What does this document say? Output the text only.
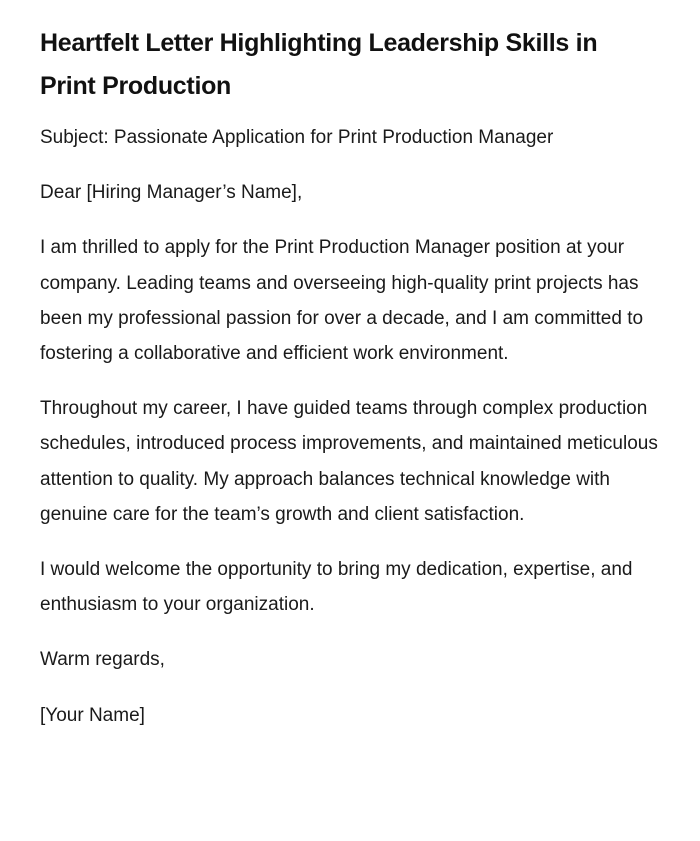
Heartfelt Letter Highlighting Leadership Skills in Print Production

Subject: Passionate Application for Print Production Manager

Dear [Hiring Manager’s Name],

I am thrilled to apply for the Print Production Manager position at your company. Leading teams and overseeing high-quality print projects has been my professional passion for over a decade, and I am committed to fostering a collaborative and efficient work environment.

Throughout my career, I have guided teams through complex production schedules, introduced process improvements, and maintained meticulous attention to quality. My approach balances technical knowledge with genuine care for the team’s growth and client satisfaction.

I would welcome the opportunity to bring my dedication, expertise, and enthusiasm to your organization.

Warm regards,

[Your Name]
